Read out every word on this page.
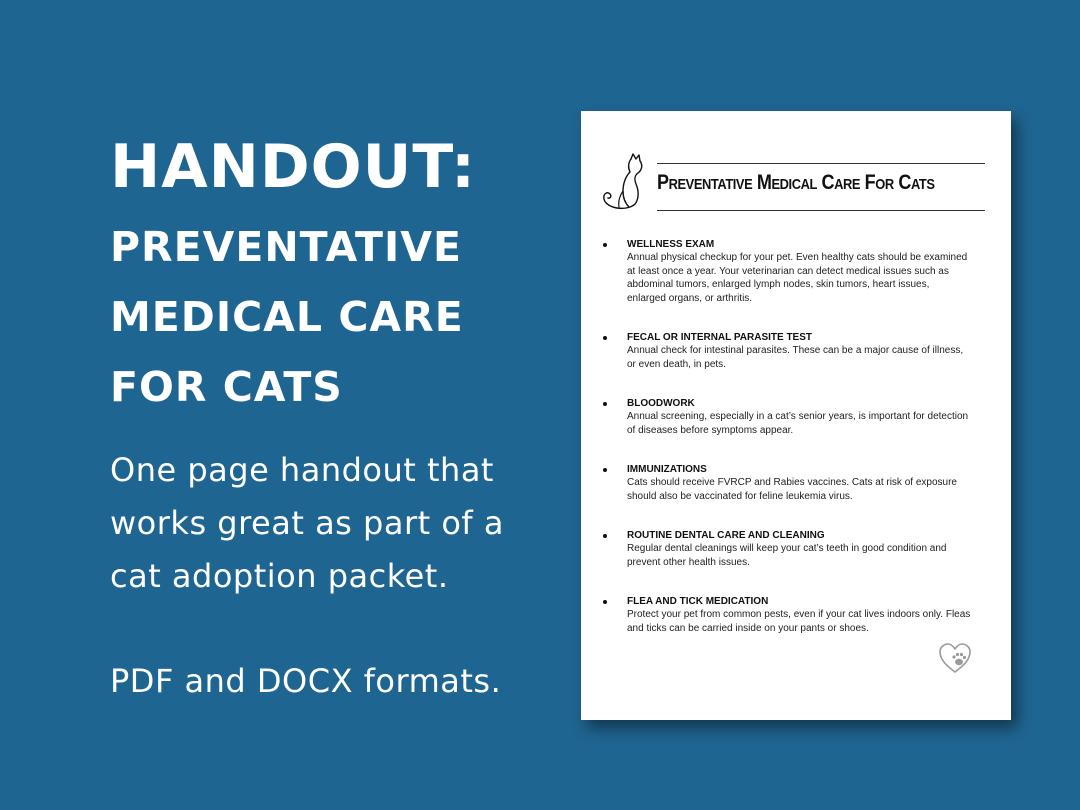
HANDOUT:
PREVENTATIVE
MEDICAL CARE
FOR CATS

One page handout that works great as part of a cat adoption packet.

PDF and DOCX formats.

Preventative Medical Care For Cats
WELLNESS EXAM
Annual physical checkup for your pet. Even healthy cats should be examined at least once a year. Your veterinarian can detect medical issues such as abdominal tumors, enlarged lymph nodes, skin tumors, heart issues, enlarged organs, or arthritis.
FECAL OR INTERNAL PARASITE TEST
Annual check for intestinal parasites. These can be a major cause of illness, or even death, in pets.
BLOODWORK
Annual screening, especially in a cat’s senior years, is important for detection of diseases before symptoms appear.
IMMUNIZATIONS
Cats should receive FVRCP and Rabies vaccines. Cats at risk of exposure should also be vaccinated for feline leukemia virus.
ROUTINE DENTAL CARE AND CLEANING
Regular dental cleanings will keep your cat’s teeth in good condition and prevent other health issues.
FLEA AND TICK MEDICATION
Protect your pet from common pests, even if your cat lives indoors only. Fleas and ticks can be carried inside on your pants or shoes.
